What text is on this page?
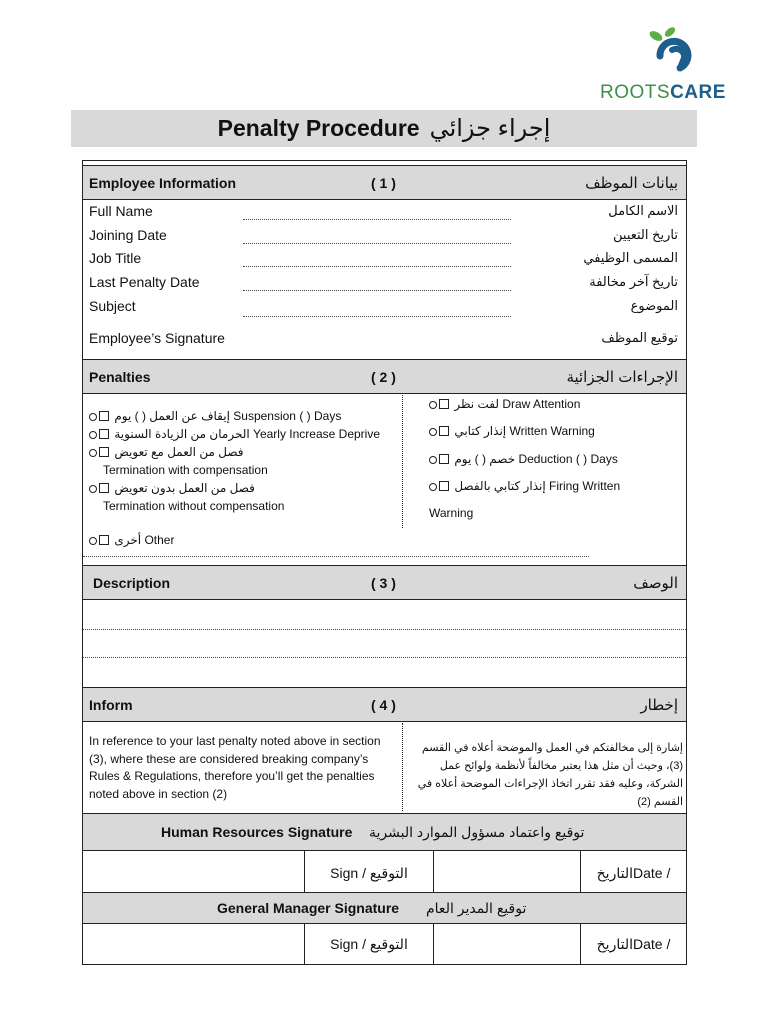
ROOTSCARE
Penalty Procedure إجراء جزائي
Employee Information	( 1 )	بيانات الموظف
Full Name	الاسم الكامل
Joining Date	تاريخ التعيين
Job Title	المسمى الوظيفي
Last Penalty Date	تاريخ آخر مخالفة
Subject	الموضوع
Employee’s Signature	توقيع الموظف
Penalties	( 2 )	الإجراءات الجزائية
إيقاف عن العمل ( ) يوم Suspension ( ) Days
الحرمان من الزيادة السنوية Yearly Increase Deprive
فصل من العمل مع تعويض
Termination with compensation
فصل من العمل بدون تعويض
Termination without compensation
أخرى Other
لفت نظر Draw Attention
إنذار كتابي Written Warning
خصم ( ) يوم Deduction ( ) Days
إنذار كتابي بالفصل Firing Written
Warning
Description	( 3 )	الوصف
Inform	( 4 )	إخطار
In reference to your last penalty noted above in section (3), where these are considered breaking company’s Rules & Regulations, therefore you’ll get the penalties noted above in section (2)
إشارة إلى مخالفتكم في العمل والموضحة أعلاه في القسم (3)، وحيث أن مثل هذا يعتبر مخالفاً لأنظمة ولوائح عمل الشركة، وعليه فقد تقرر اتخاذ الإجراءات الموضحة أعلاه في القسم (2)
Human Resources Signature توقيع واعتماد مسؤول الموارد البشرية
Sign / التوقيع	التاريخDate /
General Manager Signature توقيع المدير العام
Sign / التوقيع	التاريخDate /
